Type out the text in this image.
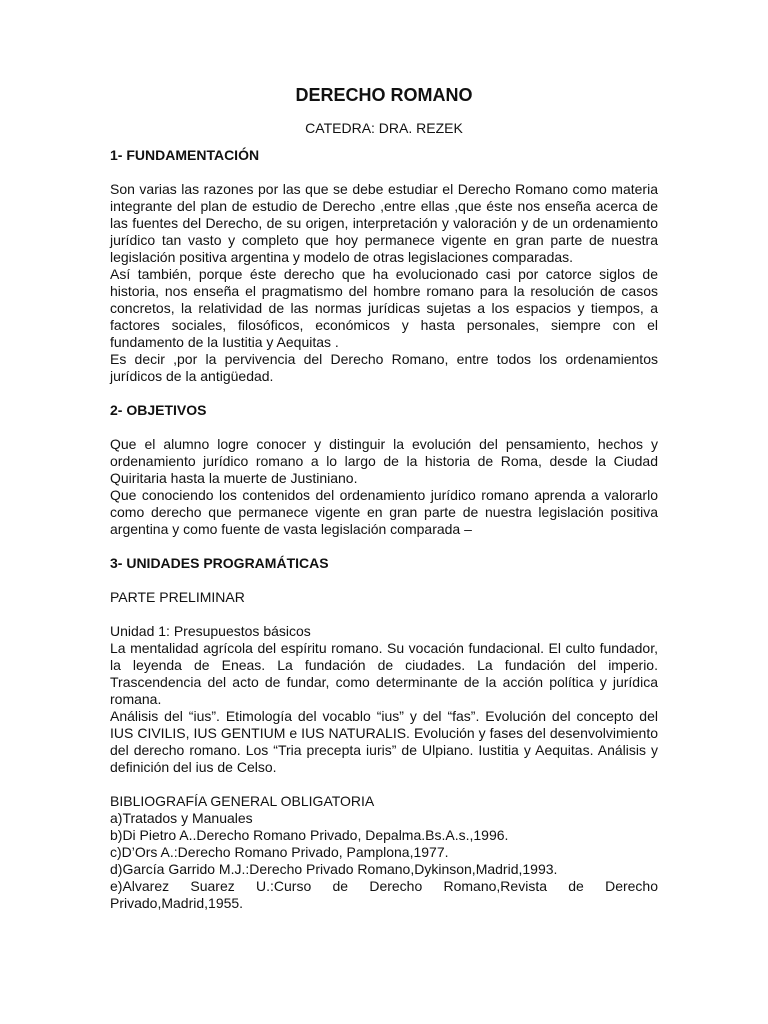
DERECHO ROMANO

CATEDRA: DRA. REZEK

1- FUNDAMENTACIÓN

Son varias las razones por las que se debe estudiar el Derecho Romano como materia integrante del plan de estudio de Derecho ,entre ellas ,que éste nos enseña acerca de las fuentes del Derecho, de su origen, interpretación y valoración y de un ordenamiento jurídico tan vasto y completo que hoy permanece vigente en gran parte de nuestra legislación positiva argentina y modelo de otras legislaciones comparadas.

Así también, porque éste derecho que ha evolucionado casi por catorce siglos de historia, nos enseña el pragmatismo del hombre romano para la resolución de casos concretos, la relatividad de las normas jurídicas sujetas a los espacios y tiempos, a factores sociales, filosóficos, económicos y hasta personales, siempre con el fundamento de la Iustitia y Aequitas .

Es decir ,por la pervivencia del Derecho Romano, entre todos los ordenamientos jurídicos de la antigüedad.

2- OBJETIVOS

Que el alumno logre conocer y distinguir la evolución del pensamiento, hechos y ordenamiento jurídico romano a lo largo de la historia de Roma, desde la Ciudad Quiritaria hasta la muerte de Justiniano.

Que conociendo los contenidos del ordenamiento jurídico romano aprenda a valorarlo como derecho que permanece vigente en gran parte de nuestra legislación positiva argentina y como fuente de vasta legislación comparada –

3- UNIDADES PROGRAMÁTICAS

PARTE PRELIMINAR

Unidad 1: Presupuestos básicos

La mentalidad agrícola del espíritu romano. Su vocación fundacional. El culto fundador, la leyenda de Eneas. La fundación de ciudades. La fundación del imperio. Trascendencia del acto de fundar, como determinante de la acción política y jurídica romana.

Análisis del “ius”. Etimología del vocablo “ius” y del “fas”. Evolución del concepto del IUS CIVILIS, IUS GENTIUM e IUS NATURALIS. Evolución y fases del desenvolvimiento del derecho romano. Los “Tria precepta iuris” de Ulpiano. Iustitia y Aequitas. Análisis y definición del ius de Celso.

BIBLIOGRAFÍA GENERAL OBLIGATORIA

a)Tratados y Manuales

b)Di Pietro A..Derecho Romano Privado, Depalma.Bs.A.s.,1996.

c)D’Ors A.:Derecho Romano Privado, Pamplona,1977.

d)García Garrido M.J.:Derecho Privado Romano,Dykinson,Madrid,1993.

e)Alvarez Suarez U.:Curso de Derecho Romano,Revista de Derecho Privado,Madrid,1955.
